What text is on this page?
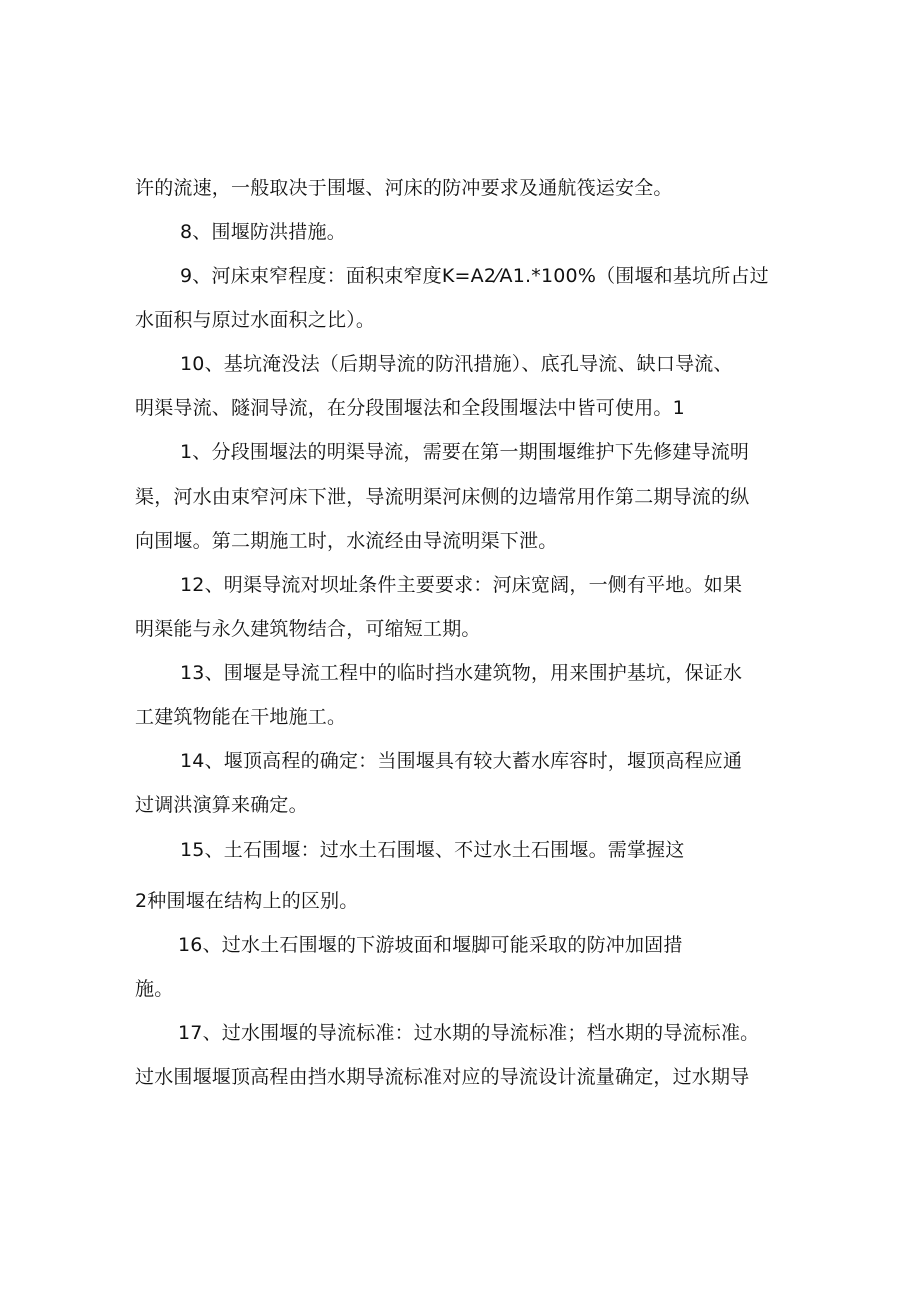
许的流速，一般取决于围堰、河床的防冲要求及通航筏运安全。
8、围堰防洪措施。
9、河床束窄程度：面积束窄度K=A2⁄A1.*100%（围堰和基坑所占过
水面积与原过水面积之比）。
10、基坑淹没法（后期导流的防汛措施）、底孔导流、缺口导流、
明渠导流、隧洞导流，在分段围堰法和全段围堰法中皆可使用。1
1、分段围堰法的明渠导流，需要在第一期围堰维护下先修建导流明
渠，河水由束窄河床下泄，导流明渠河床侧的边墙常用作第二期导流的纵
向围堰。第二期施工时，水流经由导流明渠下泄。
12、明渠导流对坝址条件主要要求：河床宽阔，一侧有平地。如果
明渠能与永久建筑物结合，可缩短工期。
13、围堰是导流工程中的临时挡水建筑物，用来围护基坑，保证水
工建筑物能在干地施工。
14、堰顶高程的确定：当围堰具有较大蓄水库容时，堰顶高程应通
过调洪演算来确定。
15、土石围堰：过水土石围堰、不过水土石围堰。需掌握这
2种围堰在结构上的区别。
16、过水土石围堰的下游坡面和堰脚可能采取的防冲加固措
施。
17、过水围堰的导流标准：过水期的导流标准；档水期的导流标准。
过水围堰堰顶高程由挡水期导流标准对应的导流设计流量确定，过水期导
